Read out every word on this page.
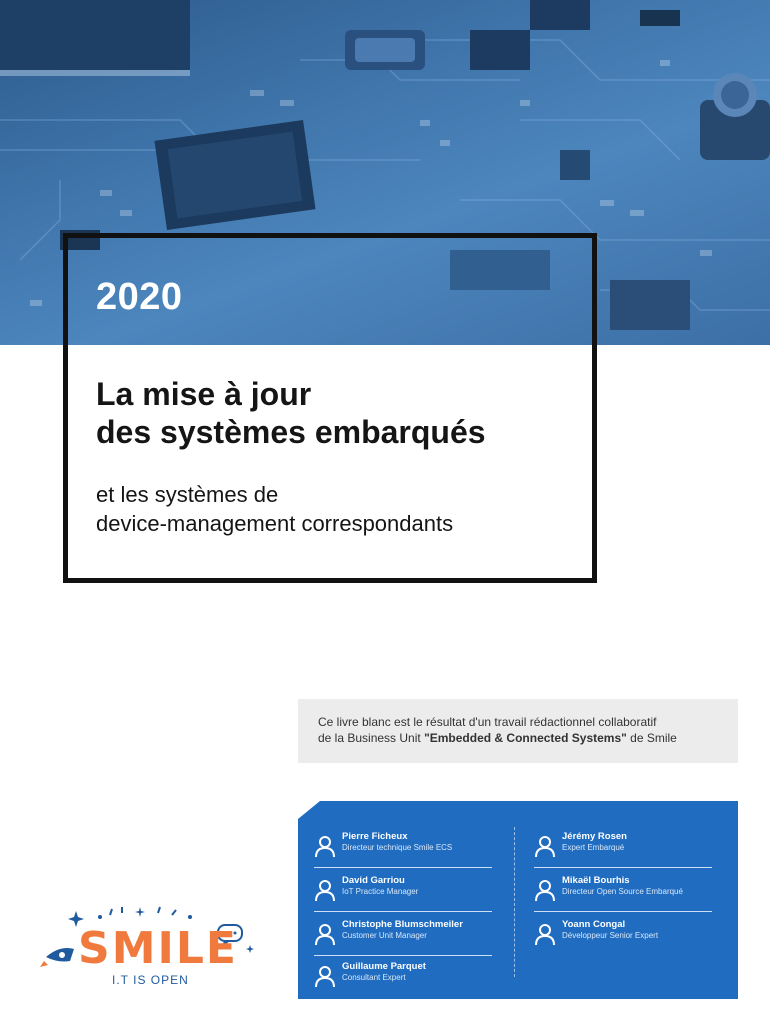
2020
La mise à jour
des systèmes embarqués
et les systèmes de
device-management correspondants
Ce livre blanc est le résultat d'un travail rédactionnel collaboratif
de la Business Unit "Embedded & Connected Systems" de Smile
Pierre Ficheux
Directeur technique Smile ECS
David Garriou
IoT Practice Manager
Christophe Blumschmeiler
Customer Unit Manager
Guillaume Parquet
Consultant Expert
Jérémy Rosen
Expert Embarqué
Mikaël Bourhis
Directeur Open Source Embarqué
Yoann Congal
Développeur Senior Expert
SMILE
I.T IS OPEN
